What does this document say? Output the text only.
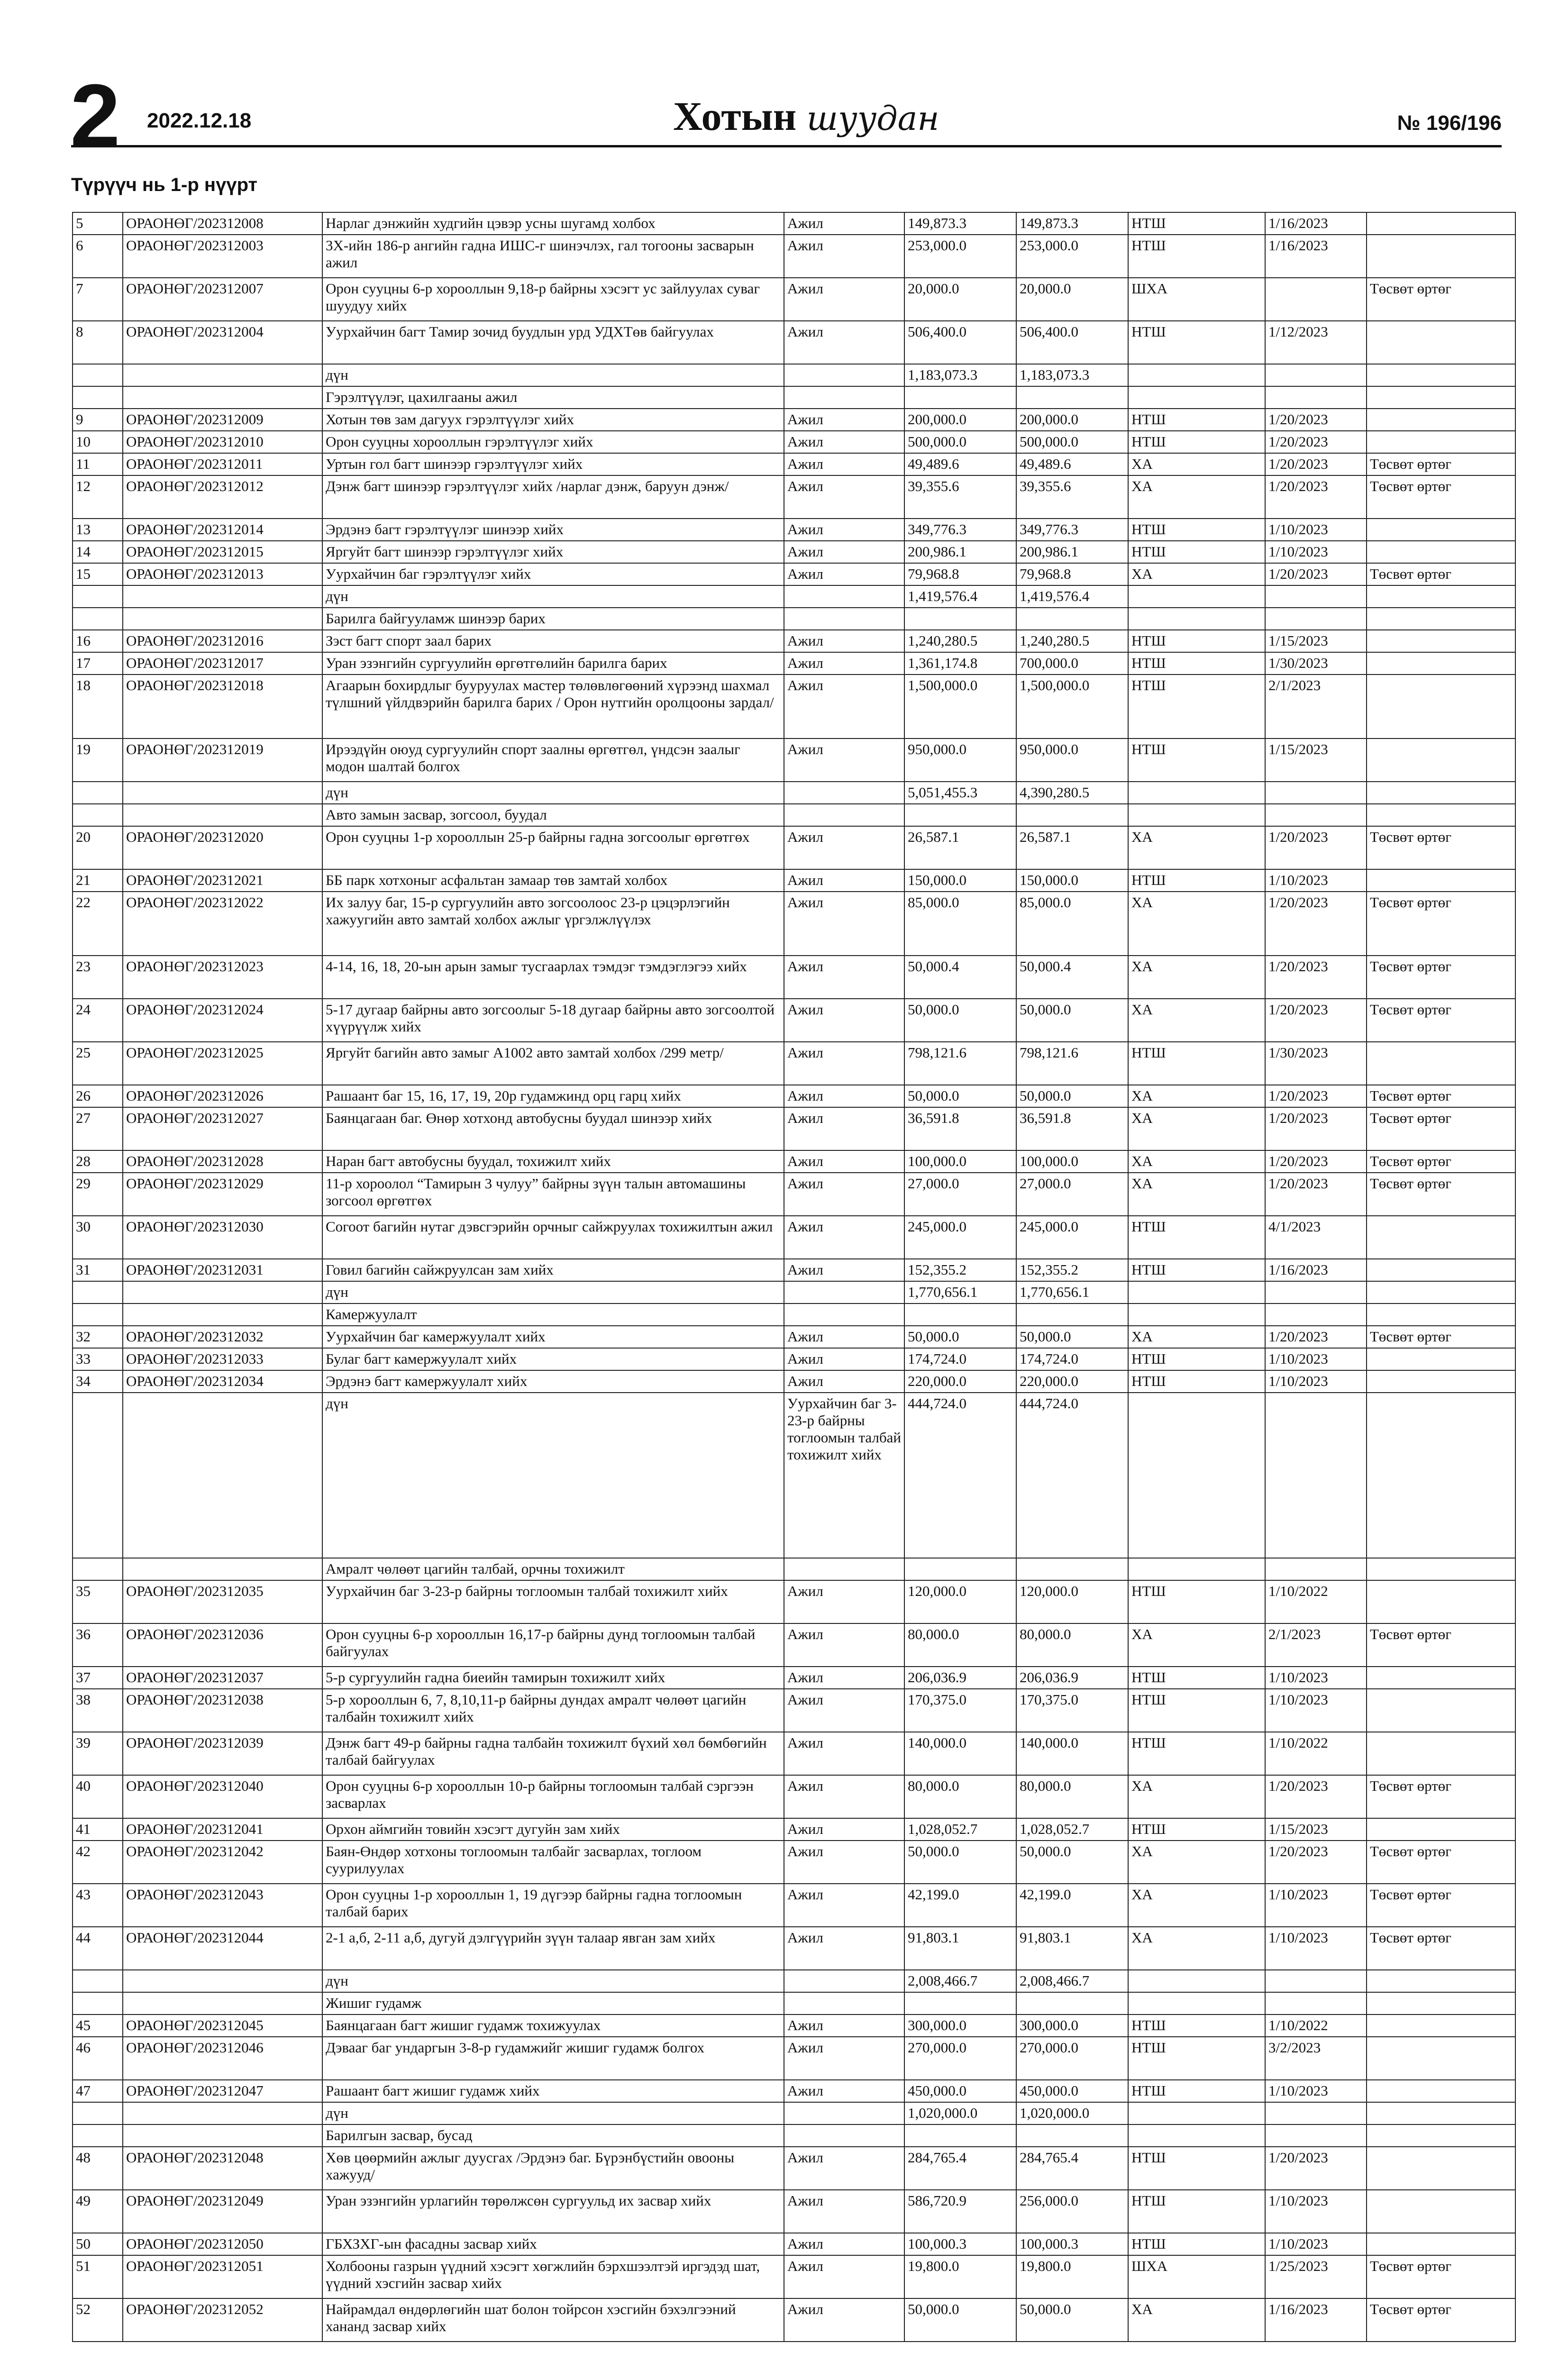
2 2022.12.18	Хотын шуудан	№ 196/196
Түрүүч нь 1-р нүүрт
5	ОРАОНӨГ/202312008	Нарлаг дэнжийн худгийн цэвэр усны шугамд холбох	Ажил	149,873.3	149,873.3	НТШ	1/16/2023	
6	ОРАОНӨГ/202312003	3Х-ийн 186-р ангийн гадна ИШС-г шинэчлэх, гал тогооны засварын ажил	Ажил	253,000.0	253,000.0	НТШ	1/16/2023	
7	ОРАОНӨГ/202312007	Орон сууцны 6-р хорооллын 9,18-р байрны хэсэгт ус зайлуулах суваг шуудуу хийх	Ажил	20,000.0	20,000.0	ШХА		Төсвөт өртөг
8	ОРАОНӨГ/202312004	Уурхайчин багт Тамир зочид буудлын урд УДХТөв байгуулах	Ажил	506,400.0	506,400.0	НТШ	1/12/2023	
		дүн		1,183,073.3	1,183,073.3			
		Гэрэлтүүлэг, цахилгааны ажил						
9	ОРАОНӨГ/202312009	Хотын төв зам дагуух гэрэлтүүлэг хийх	Ажил	200,000.0	200,000.0	НТШ	1/20/2023	
10	ОРАОНӨГ/202312010	Орон сууцны хорооллын гэрэлтүүлэг хийх	Ажил	500,000.0	500,000.0	НТШ	1/20/2023	
11	ОРАОНӨГ/202312011	Уртын гол багт шинээр гэрэлтүүлэг хийх	Ажил	49,489.6	49,489.6	ХА	1/20/2023	Төсвөт өртөг
12	ОРАОНӨГ/202312012	Дэнж багт шинээр гэрэлтүүлэг хийх /нарлаг дэнж, баруун дэнж/	Ажил	39,355.6	39,355.6	ХА	1/20/2023	Төсвөт өртөг
13	ОРАОНӨГ/202312014	Эрдэнэ багт гэрэлтүүлэг шинээр хийх	Ажил	349,776.3	349,776.3	НТШ	1/10/2023	
14	ОРАОНӨГ/202312015	Яргуйт багт шинээр гэрэлтүүлэг хийх	Ажил	200,986.1	200,986.1	НТШ	1/10/2023	
15	ОРАОНӨГ/202312013	Уурхайчин баг гэрэлтүүлэг хийх	Ажил	79,968.8	79,968.8	ХА	1/20/2023	Төсвөт өртөг
		дүн		1,419,576.4	1,419,576.4			
		Барилга байгууламж шинээр барих						
16	ОРАОНӨГ/202312016	Зэст багт спорт заал барих	Ажил	1,240,280.5	1,240,280.5	НТШ	1/15/2023	
17	ОРАОНӨГ/202312017	Уран эзэнгийн сургуулийн өргөтгөлийн барилга барих	Ажил	1,361,174.8	700,000.0	НТШ	1/30/2023	
18	ОРАОНӨГ/202312018	Агаарын бохирдлыг бууруулах мастер төлөвлөгөөний хүрээнд шахмал түлшний үйлдвэрийн барилга барих / Орон нутгийн оролцооны зардал/	Ажил	1,500,000.0	1,500,000.0	НТШ	2/1/2023	
19	ОРАОНӨГ/202312019	Ирээдүйн оюуд сургуулийн спорт заалны өргөтгөл, үндсэн заалыг модон шалтай болгох	Ажил	950,000.0	950,000.0	НТШ	1/15/2023	
		дүн		5,051,455.3	4,390,280.5			
		Авто замын засвар, зогсоол, буудал						
20	ОРАОНӨГ/202312020	Орон сууцны 1-р хорооллын 25-р байрны гадна зогсоолыг өргөтгөх	Ажил	26,587.1	26,587.1	ХА	1/20/2023	Төсвөт өртөг
21	ОРАОНӨГ/202312021	ББ парк хотхоныг асфальтан замаар төв замтай холбох	Ажил	150,000.0	150,000.0	НТШ	1/10/2023	
22	ОРАОНӨГ/202312022	Их залуу баг, 15-р сургуулийн авто зогсоолоос 23-р цэцэрлэгийн хажуугийн авто замтай холбох ажлыг үргэлжлүүлэх	Ажил	85,000.0	85,000.0	ХА	1/20/2023	Төсвөт өртөг
23	ОРАОНӨГ/202312023	4-14, 16, 18, 20-ын арын замыг тусгаарлах тэмдэг тэмдэглэгээ хийх	Ажил	50,000.4	50,000.4	ХА	1/20/2023	Төсвөт өртөг
24	ОРАОНӨГ/202312024	5-17 дугаар байрны авто зогсоолыг 5-18 дугаар байрны авто зогсоолтой хүүрүүлж хийх	Ажил	50,000.0	50,000.0	ХА	1/20/2023	Төсвөт өртөг
25	ОРАОНӨГ/202312025	Яргуйт багийн авто замыг А1002 авто замтай холбох /299 метр/	Ажил	798,121.6	798,121.6	НТШ	1/30/2023	
26	ОРАОНӨГ/202312026	Рашаант баг 15, 16, 17, 19, 20р гудамжинд орц гарц хийх	Ажил	50,000.0	50,000.0	ХА	1/20/2023	Төсвөт өртөг
27	ОРАОНӨГ/202312027	Баянцагаан баг. Өнөр хотхонд автобусны буудал шинээр хийх	Ажил	36,591.8	36,591.8	ХА	1/20/2023	Төсвөт өртөг
28	ОРАОНӨГ/202312028	Наран багт автобусны буудал, тохижилт хийх	Ажил	100,000.0	100,000.0	ХА	1/20/2023	Төсвөт өртөг
29	ОРАОНӨГ/202312029	11-р хороолол “Тамирын 3 чулуу” байрны зүүн талын автомашины зогсоол өргөтгөх	Ажил	27,000.0	27,000.0	ХА	1/20/2023	Төсвөт өртөг
30	ОРАОНӨГ/202312030	Согоот багийн нутаг дэвсгэрийн орчныг сайжруулах тохижилтын ажил	Ажил	245,000.0	245,000.0	НТШ	4/1/2023	
31	ОРАОНӨГ/202312031	Говил багийн сайжруулсан зам хийх	Ажил	152,355.2	152,355.2	НТШ	1/16/2023	
		дүн		1,770,656.1	1,770,656.1			
		Камержуулалт						
32	ОРАОНӨГ/202312032	Уурхайчин баг камержуулалт хийх	Ажил	50,000.0	50,000.0	ХА	1/20/2023	Төсвөт өртөг
33	ОРАОНӨГ/202312033	Булаг багт камержуулалт хийх	Ажил	174,724.0	174,724.0	НТШ	1/10/2023	
34	ОРАОНӨГ/202312034	Эрдэнэ багт камержуулалт хийх	Ажил	220,000.0	220,000.0	НТШ	1/10/2023	
		дүн	Уурхайчин баг 3-23-р байрны тоглоомын талбай тохижилт хийх	444,724.0	444,724.0			
		Амралт чөлөөт цагийн талбай, орчны тохижилт						
35	ОРАОНӨГ/202312035	Уурхайчин баг 3-23-р байрны тоглоомын талбай тохижилт хийх	Ажил	120,000.0	120,000.0	НТШ	1/10/2022	
36	ОРАОНӨГ/202312036	Орон сууцны 6-р хорооллын 16,17-р байрны дунд тоглоомын талбай байгуулах	Ажил	80,000.0	80,000.0	ХА	2/1/2023	Төсвөт өртөг
37	ОРАОНӨГ/202312037	5-р сургуулийн гадна биеийн тамирын тохижилт хийх	Ажил	206,036.9	206,036.9	НТШ	1/10/2023	
38	ОРАОНӨГ/202312038	5-р хорооллын 6, 7, 8,10,11-р байрны дундах амралт чөлөөт цагийн талбайн тохижилт хийх	Ажил	170,375.0	170,375.0	НТШ	1/10/2023	
39	ОРАОНӨГ/202312039	Дэнж багт 49-р байрны гадна талбайн тохижилт бүхий хөл бөмбөгийн талбай байгуулах	Ажил	140,000.0	140,000.0	НТШ	1/10/2022	
40	ОРАОНӨГ/202312040	Орон сууцны 6-р хорооллын 10-р байрны тоглоомын талбай сэргээн засварлах	Ажил	80,000.0	80,000.0	ХА	1/20/2023	Төсвөт өртөг
41	ОРАОНӨГ/202312041	Орхон аймгийн товийн хэсэгт дугуйн зам хийх	Ажил	1,028,052.7	1,028,052.7	НТШ	1/15/2023	
42	ОРАОНӨГ/202312042	Баян-Өндөр хотхоны тоглоомын талбайг засварлах, тоглоом суурилуулах	Ажил	50,000.0	50,000.0	ХА	1/20/2023	Төсвөт өртөг
43	ОРАОНӨГ/202312043	Орон сууцны 1-р хорооллын 1, 19 дүгээр байрны гадна тоглоомын талбай барих	Ажил	42,199.0	42,199.0	ХА	1/10/2023	Төсвөт өртөг
44	ОРАОНӨГ/202312044	2-1 а,б, 2-11 а,б, дугуй дэлгүүрийн зүүн талаар явган зам хийх	Ажил	91,803.1	91,803.1	ХА	1/10/2023	Төсвөт өртөг
		дүн		2,008,466.7	2,008,466.7			
		Жишиг гудамж						
45	ОРАОНӨГ/202312045	Баянцагаан багт жишиг гудамж тохижуулах	Ажил	300,000.0	300,000.0	НТШ	1/10/2022	
46	ОРАОНӨГ/202312046	Дэвааг баг ундаргын 3-8-р гудамжийг жишиг гудамж болгох	Ажил	270,000.0	270,000.0	НТШ	3/2/2023	
47	ОРАОНӨГ/202312047	Рашаант багт жишиг гудамж хийх	Ажил	450,000.0	450,000.0	НТШ	1/10/2023	
		дүн		1,020,000.0	1,020,000.0			
		Барилгын засвар, бусад						
48	ОРАОНӨГ/202312048	Хөв цөөрмийн ажлыг дуусгах /Эрдэнэ баг. Бүрэнбүстийн овооны хажууд/	Ажил	284,765.4	284,765.4	НТШ	1/20/2023	
49	ОРАОНӨГ/202312049	Уран эзэнгийн урлагийн төрөлжсөн сургуульд их засвар хийх	Ажил	586,720.9	256,000.0	НТШ	1/10/2023	
50	ОРАОНӨГ/202312050	ГБХЗХГ-ын фасадны засвар хийх	Ажил	100,000.3	100,000.3	НТШ	1/10/2023	
51	ОРАОНӨГ/202312051	Холбооны газрын үүдний хэсэгт хөгжлийн бэрхшээлтэй иргэдэд шат, үүдний хэсгийн засвар хийх	Ажил	19,800.0	19,800.0	ШХА	1/25/2023	Төсвөт өртөг
52	ОРАОНӨГ/202312052	Найрамдал өндөрлөгийн шат болон тойрсон хэсгийн бэхэлгээний хананд засвар хийх	Ажил	50,000.0	50,000.0	ХА	1/16/2023	Төсвөт өртөг
